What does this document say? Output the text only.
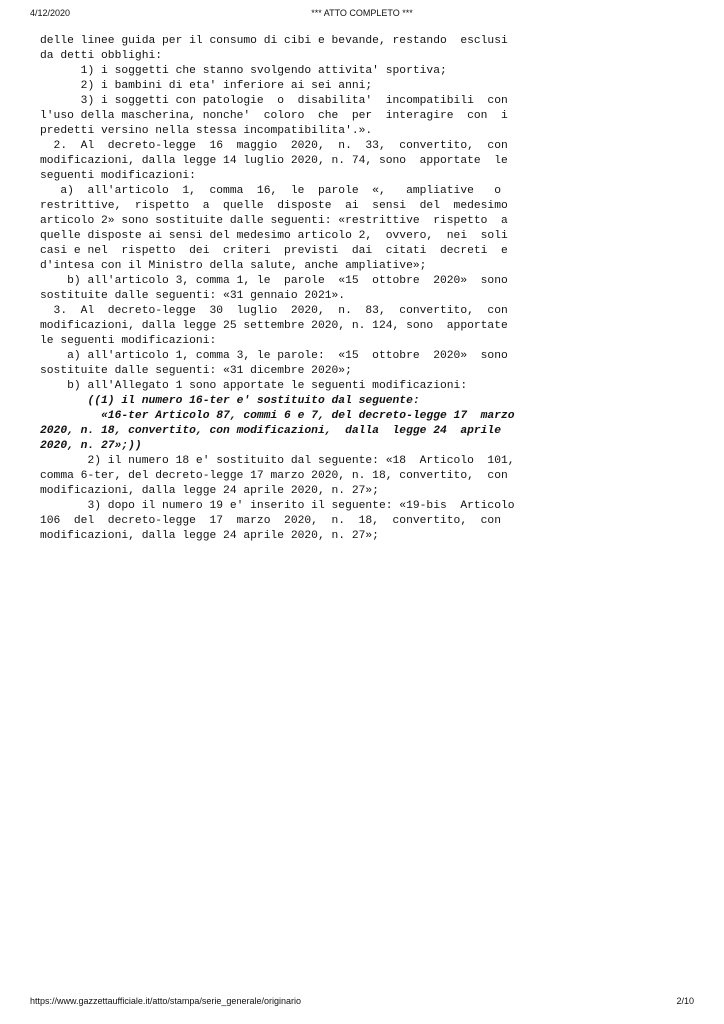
4/12/2020	*** ATTO COMPLETO ***
delle linee guida per il consumo di cibi e bevande, restando  esclusi
da detti obblighi:
1) i soggetti che stanno svolgendo attivita' sportiva;
2) i bambini di eta' inferiore ai sei anni;
3) i soggetti con patologie  o  disabilita'  incompatibili  con
l'uso della mascherina, nonche'  coloro  che  per  interagire  con  i
predetti versino nella stessa incompatibilita'.».
2.  Al  decreto-legge  16  maggio  2020,  n.  33,  convertito,  con
modificazioni, dalla legge 14 luglio 2020, n. 74, sono  apportate  le
seguenti modificazioni:
a)  all'articolo  1,  comma  16,  le  parole  «,   ampliative   o
restrittive,  rispetto  a  quelle  disposte  ai  sensi  del  medesimo
articolo 2» sono sostituite dalle seguenti: «restrittive  rispetto  a
quelle disposte ai sensi del medesimo articolo 2,  ovvero,  nei  soli
casi e nel  rispetto  dei  criteri  previsti  dai  citati  decreti  e
d'intesa con il Ministro della salute, anche ampliative»;
b) all'articolo 3, comma 1, le  parole  «15  ottobre  2020»  sono
sostituite dalle seguenti: «31 gennaio 2021».
3.  Al  decreto-legge  30  luglio  2020,  n.  83,  convertito,  con
modificazioni, dalla legge 25 settembre 2020, n. 124, sono  apportate
le seguenti modificazioni:
a) all'articolo 1, comma 3, le parole:  «15  ottobre  2020»  sono
sostituite dalle seguenti: «31 dicembre 2020»;
b) all'Allegato 1 sono apportate le seguenti modificazioni:
((1) il numero 16-ter e' sostituito dal seguente:
«16-ter Articolo 87, commi 6 e 7, del decreto-legge 17  marzo
2020, n. 18, convertito, con modificazioni,  dalla  legge 24  aprile
2020, n. 27»;))
2) il numero 18 e' sostituito dal seguente: «18  Articolo  101,
comma 6-ter, del decreto-legge 17 marzo 2020, n. 18, convertito,  con
modificazioni, dalla legge 24 aprile 2020, n. 27»;
3) dopo il numero 19 e' inserito il seguente: «19-bis  Articolo
106  del  decreto-legge  17  marzo  2020,  n.  18,  convertito,  con
modificazioni, dalla legge 24 aprile 2020, n. 27»;
https://www.gazzettaufficiale.it/atto/stampa/serie_generale/originario	2/10
